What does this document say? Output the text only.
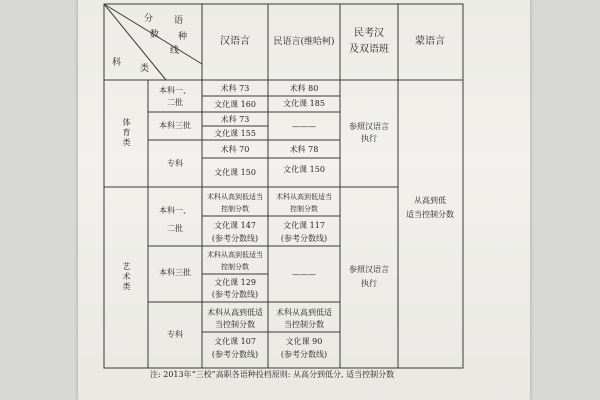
分 语
数 种
线
科
类
汉语言	民语言(维哈柯)
民考汉
及双语班
蒙语言
体育类
本科一、
二批
本科三批
专科
术科 73
文化课 160
术科 80
文化课 185
术科 73
文化课 155
———
术科 70
文化课 150
术科 78
文化课 150
参照汉语言
执行
艺术类
本科一、
二批
本科三批
专科
术科从高到低适当
控制分数
文化课 147
(参考分数线)
术科从高到低适当
控制分数
文化课 117
(参考分数线)
术科从高到低适当
控制分数
文化课 129
(参考分数线)
———
术科从高到低适
当控制分数
文化课 107
(参考分数线)
术科从高到低适
当控制分数
文化课 90
(参考分数线)
参照汉语言
执行
从高到低
适当控制分数
注: 2013年“三校”高职各语种投档原则: 从高分到低分, 适当控制分数
